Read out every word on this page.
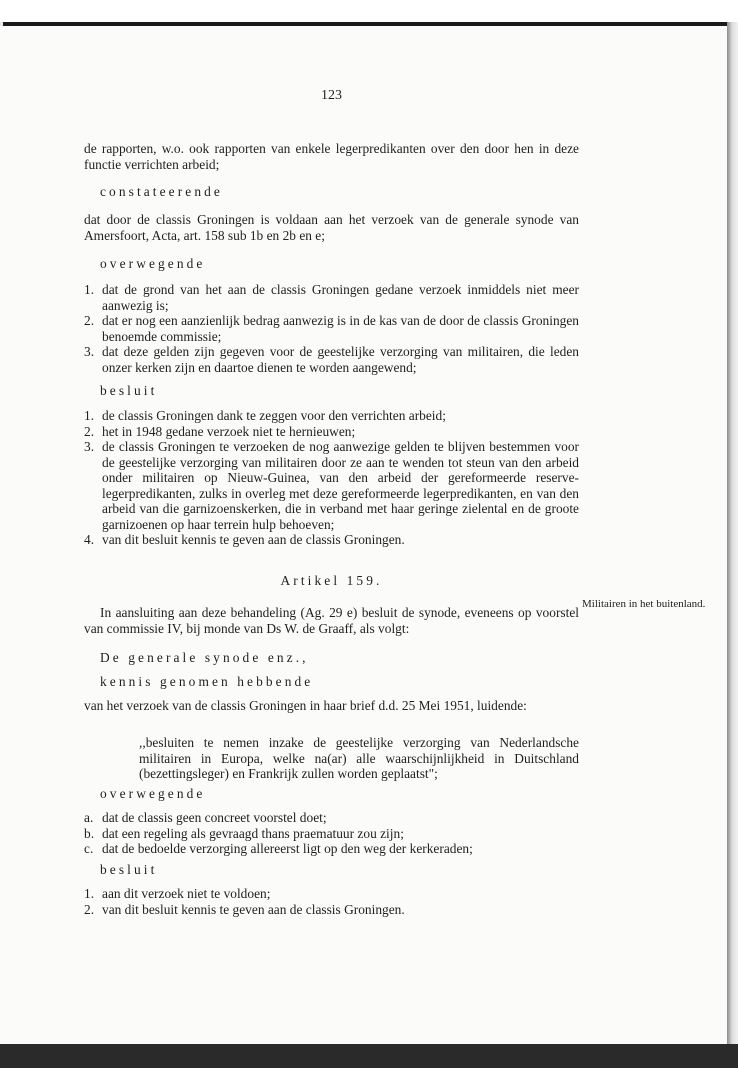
123

de rapporten, w.o. ook rapporten van enkele legerpredikanten over den door hen in deze functie verrichten arbeid;

constateerende

dat door de classis Groningen is voldaan aan het verzoek van de generale synode van Amersfoort, Acta, art. 158 sub 1b en 2b en e;

overwegende

1. dat de grond van het aan de classis Groningen gedane verzoek inmiddels niet meer aanwezig is;
2. dat er nog een aanzienlijk bedrag aanwezig is in de kas van de door de classis Groningen benoemde commissie;
3. dat deze gelden zijn gegeven voor de geestelijke verzorging van militairen, die leden onzer kerken zijn en daartoe dienen te worden aangewend;

besluit

1. de classis Groningen dank te zeggen voor den verrichten arbeid;
2. het in 1948 gedane verzoek niet te hernieuwen;
3. de classis Groningen te verzoeken de nog aanwezige gelden te blijven bestemmen voor de geestelijke verzorging van militairen door ze aan te wenden tot steun van den arbeid onder militairen op Nieuw-Guinea, van den arbeid der gereformeerde reserve-legerpredikanten, zulks in overleg met deze gereformeerde legerpredikanten, en van den arbeid van die garnizoenskerken, die in verband met haar geringe zielental en de groote garnizoenen op haar terrein hulp behoeven;
4. van dit besluit kennis te geven aan de classis Groningen.

Artikel 159.

In aansluiting aan deze behandeling (Ag. 29 e) besluit de synode, eveneens op voorstel van commissie IV, bij monde van Ds W. de Graaff, als volgt:

De generale synode enz.,

kennis genomen hebbende

van het verzoek van de classis Groningen in haar brief d.d. 25 Mei 1951, luidende:

,,besluiten te nemen inzake de geestelijke verzorging van Nederlandsche militairen in Europa, welke na(ar) alle waarschijnlijkheid in Duitschland (bezettingsleger) en Frankrijk zullen worden geplaatst";

overwegende

a. dat de classis geen concreet voorstel doet;
b. dat een regeling als gevraagd thans praematuur zou zijn;
c. dat de bedoelde verzorging allereerst ligt op den weg der kerkeraden;

besluit

1. aan dit verzoek niet te voldoen;
2. van dit besluit kennis te geven aan de classis Groningen.
Militairen in het buitenland.
